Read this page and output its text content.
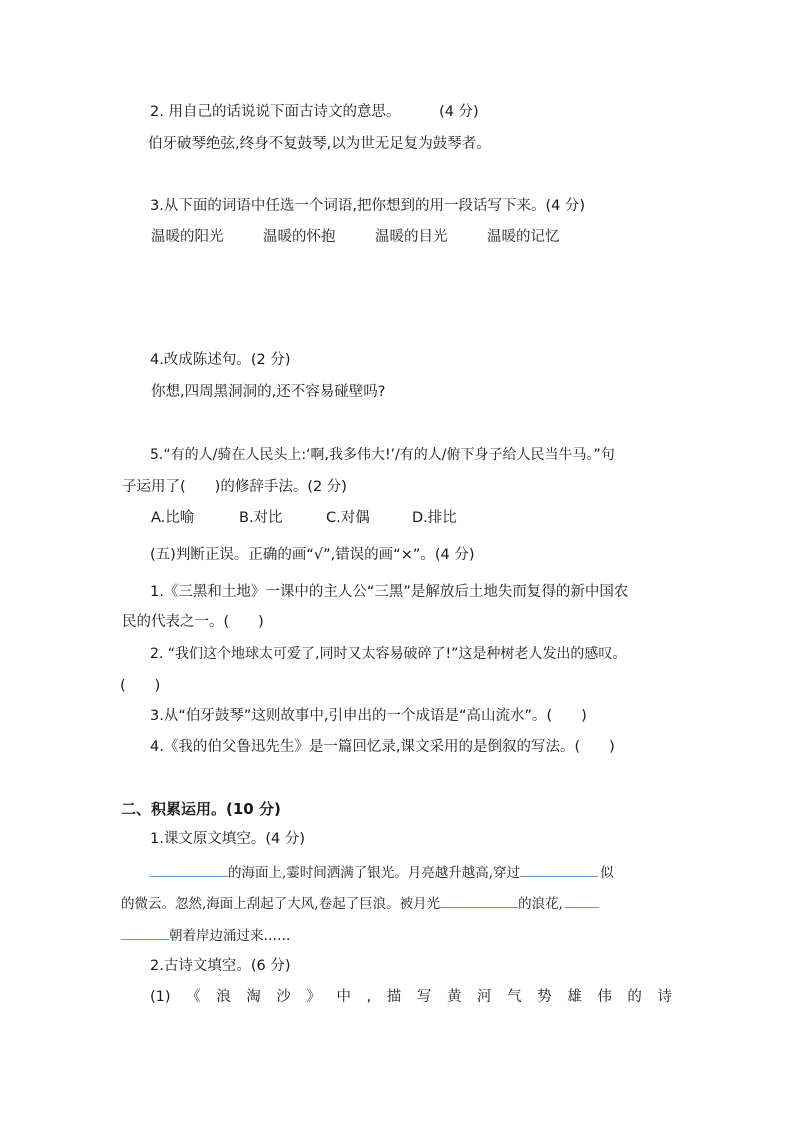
2. 用自己的话说说下面古诗文的意思。	(4 分)
伯牙破琴绝弦,终身不复鼓琴,以为世无足复为鼓琴者。
3.从下面的词语中任选一个词语,把你想到的用一段话写下来。(4 分)
温暖的阳光	温暖的怀抱	温暖的目光	温暖的记忆
4.改成陈述句。(2 分)
你想,四周黑洞洞的,还不容易碰壁吗?
5.“有的人/骑在人民头上:‘啊,我多伟大!’/有的人/俯下身子给人民当牛马。”句
子运用了(　　)的修辞手法。(2 分)
A.比喻	B.对比	C.对偶	D.排比
(五)判断正误。正确的画“√”,错误的画“×”。(4 分)
1.《三黑和土地》一课中的主人公“三黑”是解放后土地失而复得的新中国农
民的代表之一。(　　)
2. “我们这个地球太可爱了,同时又太容易破碎了!”这是种树老人发出的感叹。
(　　)
3.从“伯牙鼓琴”这则故事中,引申出的一个成语是“高山流水”。(　　)
4.《我的伯父鲁迅先生》是一篇回忆录,课文采用的是倒叙的写法。(　　)
二、积累运用。(10 分)
1.课文原文填空。(4 分)
的海面上,霎时间洒满了银光。月亮越升越高,穿过	似
的微云。忽然,海面上刮起了大风,卷起了巨浪。被月光	的浪花,
朝着岸边涌过来……
2.古诗文填空。(6 分)
(1) 《 浪 淘 沙 》 中 , 描 写 黄 河 气 势 雄 伟 的 诗
